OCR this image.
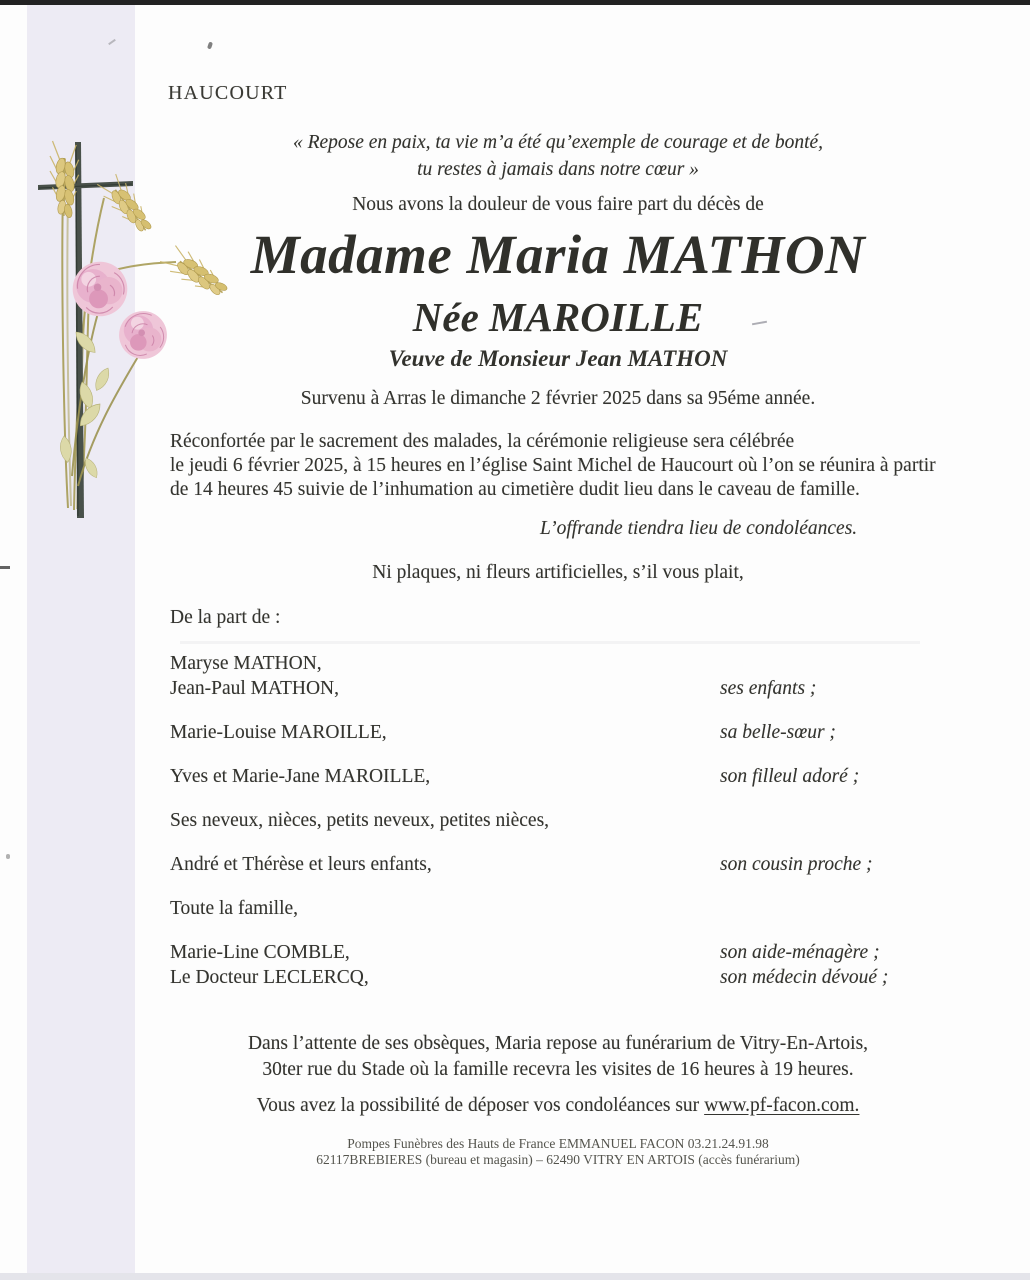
HAUCOURT
« Repose en paix, ta vie m’a été qu’exemple de courage et de bonté,
tu restes à jamais dans notre cœur »
Nous avons la douleur de vous faire part du décès de
Madame Maria MATHON
Née MAROILLE
Veuve de Monsieur Jean MATHON
Survenu à Arras le dimanche 2 février 2025 dans sa 95éme année.
Réconfortée par le sacrement des malades, la cérémonie religieuse sera célébrée
le jeudi 6 février 2025, à 15 heures en l’église Saint Michel de Haucourt où l’on se réunira à partir
de 14 heures 45 suivie de l’inhumation au cimetière dudit lieu dans le caveau de famille.
L’offrande tiendra lieu de condoléances.
Ni plaques, ni fleurs artificielles, s’il vous plait,
De la part de :
Maryse MATHON,
Jean-Paul MATHON,	ses enfants ;
Marie-Louise MAROILLE,	sa belle-sœur ;
Yves et Marie-Jane MAROILLE,	son filleul adoré ;
Ses neveux, nièces, petits neveux, petites nièces,
André et Thérèse et leurs enfants,	son cousin proche ;
Toute la famille,
Marie-Line COMBLE,	son aide-ménagère ;
Le Docteur LECLERCQ,	son médecin dévoué ;
Dans l’attente de ses obsèques, Maria repose au funérarium de Vitry-En-Artois,
30ter rue du Stade où la famille recevra les visites de 16 heures à 19 heures.
Vous avez la possibilité de déposer vos condoléances sur www.pf-facon.com.
Pompes Funèbres des Hauts de France EMMANUEL FACON 03.21.24.91.98
62117BREBIERES (bureau et magasin) – 62490 VITRY EN ARTOIS (accès funérarium)
